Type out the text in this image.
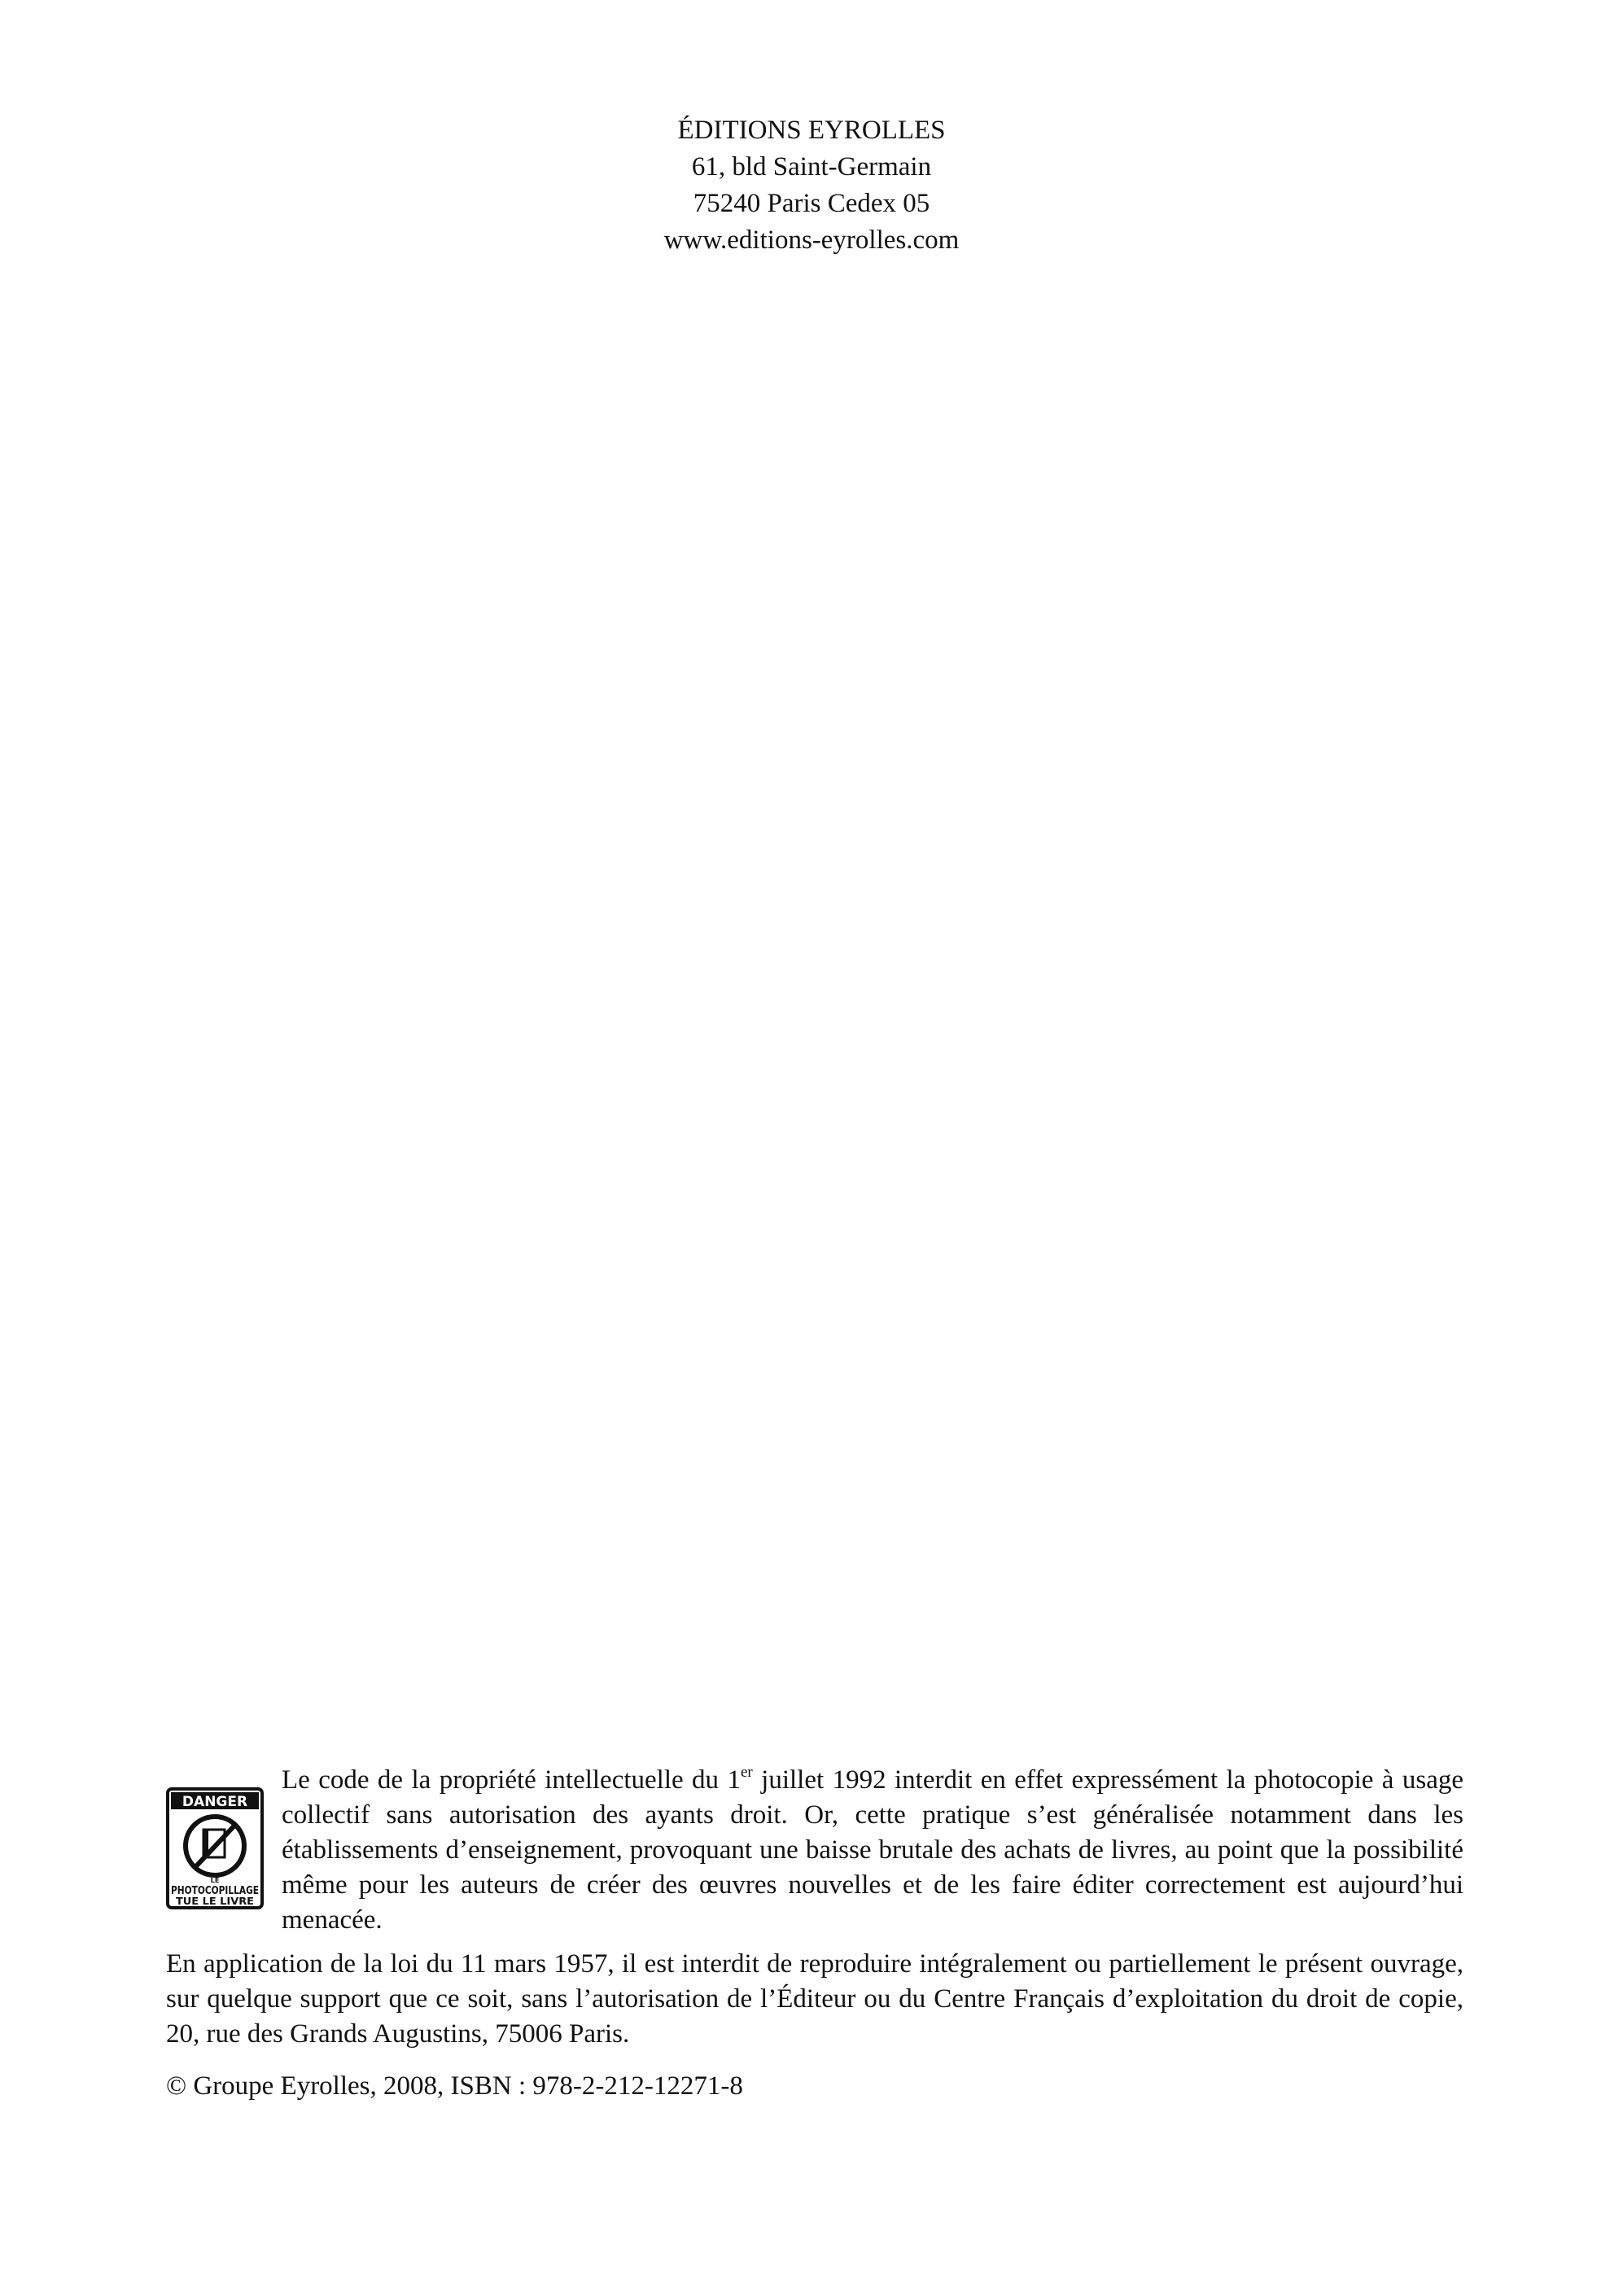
ÉDITIONS EYROLLES
61, bld Saint-Germain
75240 Paris Cedex 05
www.editions-eyrolles.com
DANGER
LE
PHOTOCOPILLAGE
TUE LE LIVRE
Le code de la propriété intellectuelle du 1er juillet 1992 interdit en effet expressément la photocopie à usage collectif sans autorisation des ayants droit. Or, cette pratique s’est généralisée notamment dans les établissements d’enseignement, provoquant une baisse brutale des achats de livres, au point que la possibilité même pour les auteurs de créer des œuvres nouvelles et de les faire éditer correctement est aujourd’hui menacée.
En application de la loi du 11 mars 1957, il est interdit de reproduire intégralement ou partiellement le présent ouvrage, sur quelque support que ce soit, sans l’autorisation de l’Éditeur ou du Centre Français d’exploitation du droit de copie, 20, rue des Grands Augustins, 75006 Paris.
© Groupe Eyrolles, 2008, ISBN : 978-2-212-12271-8
